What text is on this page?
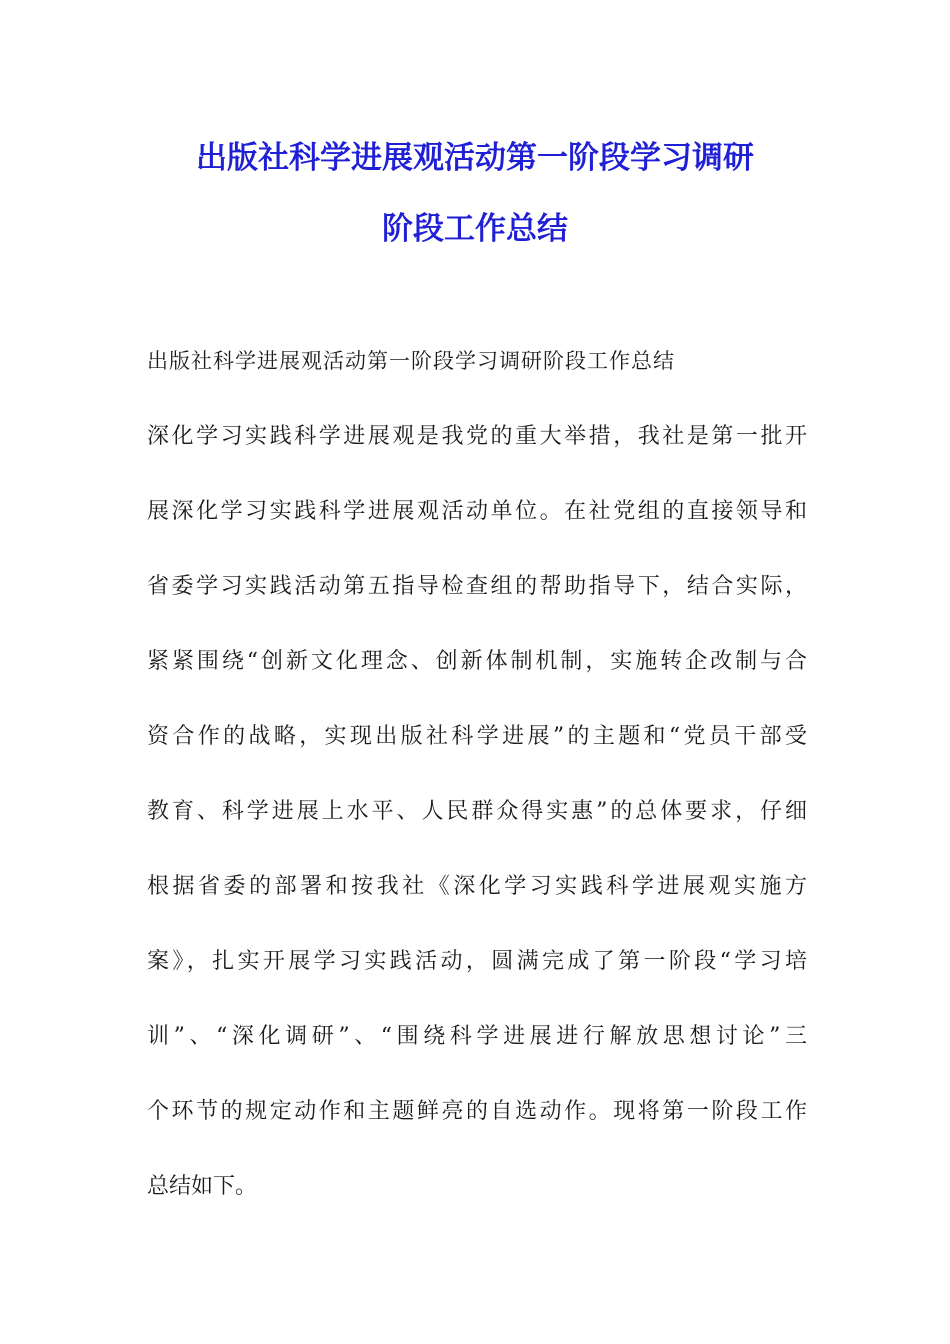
出版社科学进展观活动第一阶段学习调研
阶段工作总结
出版社科学进展观活动第一阶段学习调研阶段工作总结
深化学习实践科学进展观是我党的重大举措，我社是第一批开
展深化学习实践科学进展观活动单位。在社党组的直接领导和
省委学习实践活动第五指导检查组的帮助指导下，结合实际，
紧紧围绕“创新文化理念、创新体制机制，实施转企改制与合
资合作的战略，实现出版社科学进展”的主题和“党员干部受
教育、科学进展上水平、人民群众得实惠”的总体要求，仔细
根据省委的部署和按我社《深化学习实践科学进展观实施方
案》，扎实开展学习实践活动，圆满完成了第一阶段“学习培
训”、“深化调研”、“围绕科学进展进行解放思想讨论”三
个环节的规定动作和主题鲜亮的自选动作。现将第一阶段工作
总结如下。
